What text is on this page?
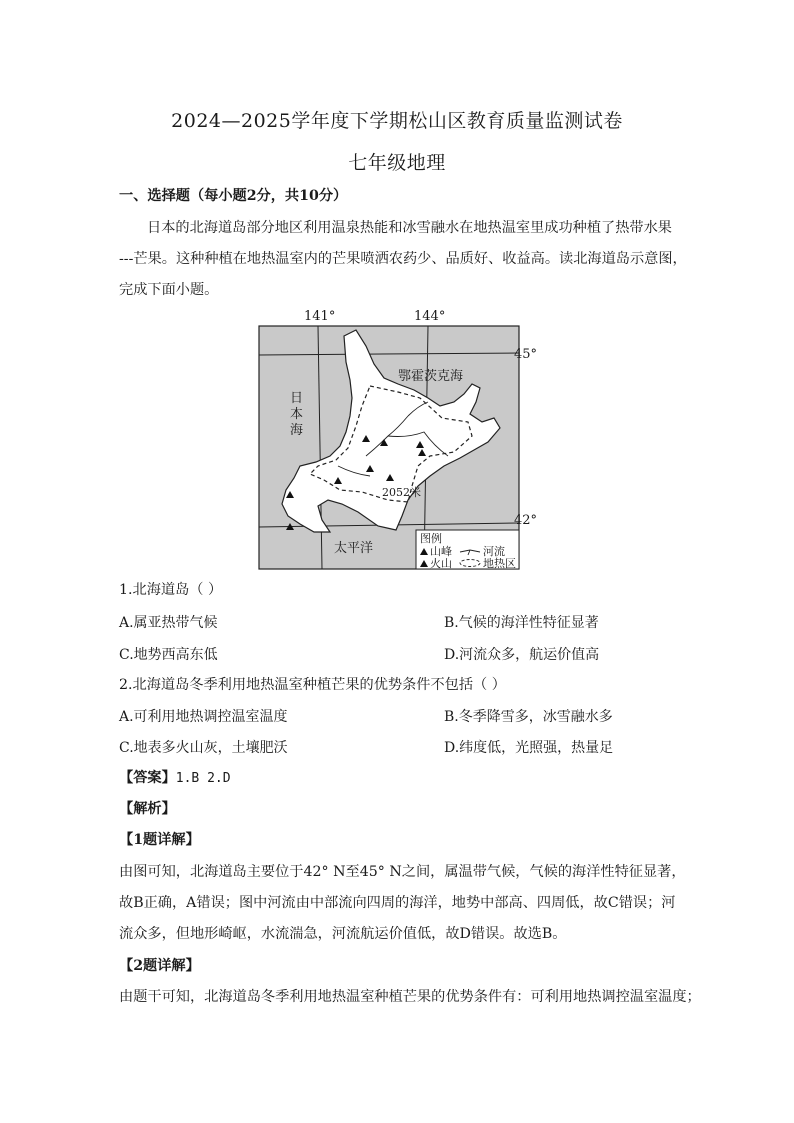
2024—2025学年度下学期松山区教育质量监测试卷
七年级地理
一、选择题（每小题2分，共10分）
日本的北海道岛部分地区利用温泉热能和冰雪融水在地热温室里成功种植了热带水果
---芒果。这种种植在地热温室内的芒果喷洒农药少、品质好、收益高。读北海道岛示意图，
完成下面小题。
141°	144°
45°
42°
鄂霍茨克海
日
本
海
太平洋
2052米
图例
山峰	河流
火山	地热区
1.北海道岛（ ）
A.属亚热带气候	B.气候的海洋性特征显著
C.地势西高东低	D.河流众多，航运价值高
2.北海道岛冬季利用地热温室种植芒果的优势条件不包括（ ）
A.可利用地热调控温室温度	B.冬季降雪多，冰雪融水多
C.地表多火山灰，土壤肥沃	D.纬度低，光照强，热量足
【答案】1.B 2.D
【解析】
【1题详解】
由图可知，北海道岛主要位于42° N至45° N之间，属温带气候，气候的海洋性特征显著，
故B正确，A错误；图中河流由中部流向四周的海洋，地势中部高、四周低，故C错误；河
流众多，但地形崎岖，水流湍急，河流航运价值低，故D错误。故选B。
【2题详解】
由题干可知，北海道岛冬季利用地热温室种植芒果的优势条件有：可利用地热调控温室温度；
